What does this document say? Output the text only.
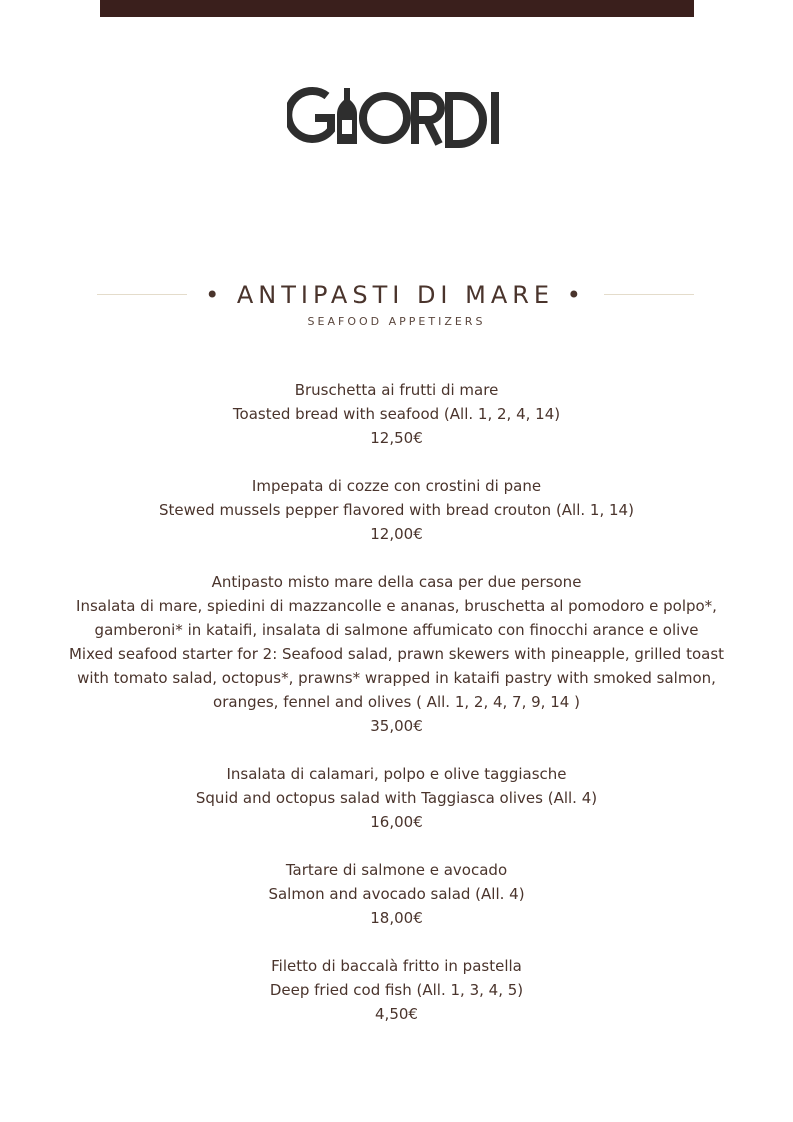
• ANTIPASTI DI MARE •
SEAFOOD APPETIZERS
Bruschetta ai frutti di mare
Toasted bread with seafood (All. 1, 2, 4, 14)
12,50€
Impepata di cozze con crostini di pane
Stewed mussels pepper flavored with bread crouton (All. 1, 14)
12,00€
Antipasto misto mare della casa per due persone
Insalata di mare, spiedini di mazzancolle e ananas, bruschetta al pomodoro e polpo*,
gamberoni* in kataifi, insalata di salmone affumicato con finocchi arance e olive
Mixed seafood starter for 2: Seafood salad, prawn skewers with pineapple, grilled toast
with tomato salad, octopus*, prawns* wrapped in kataifi pastry with smoked salmon,
oranges, fennel and olives ( All. 1, 2, 4, 7, 9, 14 )
35,00€
Insalata di calamari, polpo e olive taggiasche
Squid and octopus salad with Taggiasca olives (All. 4)
16,00€
Tartare di salmone e avocado
Salmon and avocado salad (All. 4)
18,00€
Filetto di baccalà fritto in pastella
Deep fried cod fish (All. 1, 3, 4, 5)
4,50€
